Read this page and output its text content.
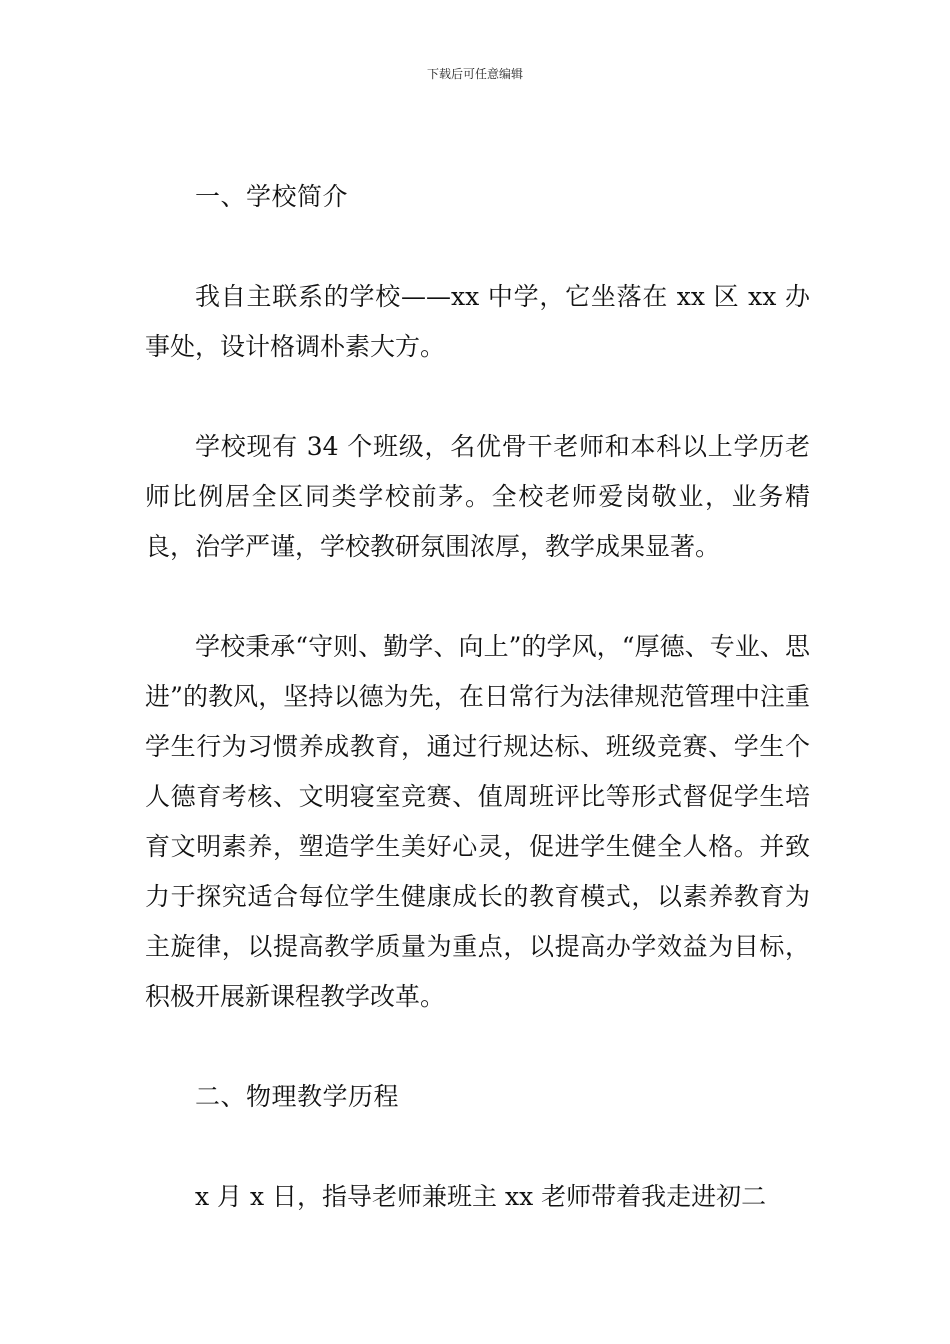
下载后可任意编辑

一、学校简介

我自主联系的学校——xx 中学，它坐落在 xx 区 xx 办事处，设计格调朴素大方。

学校现有 34 个班级，名优骨干老师和本科以上学历老师比例居全区同类学校前茅。全校老师爱岗敬业，业务精良，治学严谨，学校教研氛围浓厚，教学成果显著。

学校秉承“守则、勤学、向上”的学风，“厚德、专业、思进”的教风，坚持以德为先，在日常行为法律规范管理中注重学生行为习惯养成教育，通过行规达标、班级竞赛、学生个人德育考核、文明寝室竞赛、值周班评比等形式督促学生培育文明素养，塑造学生美好心灵，促进学生健全人格。并致力于探究适合每位学生健康成长的教育模式，以素养教育为主旋律，以提高教学质量为重点，以提高办学效益为目标，积极开展新课程教学改革。

二、物理教学历程

x 月 x 日，指导老师兼班主 xx 老师带着我走进初二
